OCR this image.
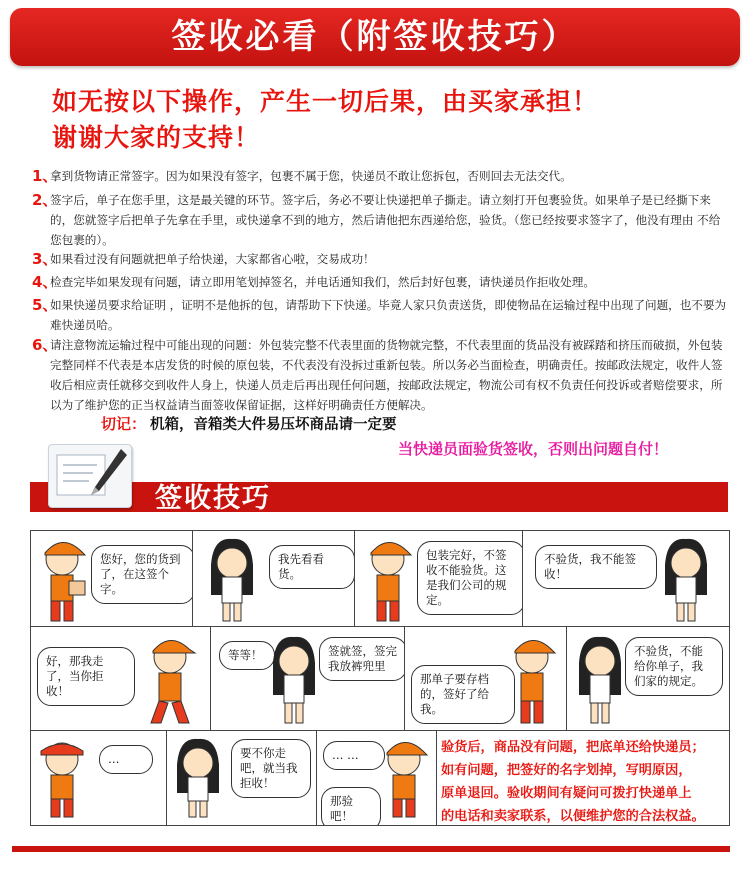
签收必看（附签收技巧）
如无按以下操作，产生一切后果，由买家承担！
谢谢大家的支持！
1、
拿到货物请正常签字。因为如果没有签字，包裹不属于您，快递员不敢让您拆包，否则回去无法交代。
2、
签字后，单子在您手里，这是最关键的环节。签字后，务必不要让快递把单子撕走。请立刻打开包裹验货。如果单子是已经撕下来的，您就签字后把单子先拿在手里，或快递拿不到的地方，然后请他把东西递给您，验货。（您已经按要求签字了，他没有理由 不给您包裹的）。
3、
如果看过没有问题就把单子给快递，大家都省心啦，交易成功！
4、
检查完毕如果发现有问题，请立即用笔划掉签名，并电话通知我们，然后封好包裹，请快递员作拒收处理。
5、
如果快递员要求给证明 ，证明不是他拆的包，请帮助下下快递。毕竟人家只负责送货，即使物品在运输过程中出现了问题，也不要为难快递员哈。
6、
请注意物流运输过程中可能出现的问题：外包装完整不代表里面的货物就完整，不代表里面的货品没有被踩踏和挤压而破损，外包装完整同样不代表是本店发货的时候的原包装，不代表没有没拆过重新包装。所以务必当面检查，明确责任。按邮政法规定，收件人签收后相应责任就移交到收件人身上，快递人员走后再出现任何问题，按邮政法规定，物流公司有权不负责任何投诉或者赔偿要求，所以为了维护您的正当权益请当面签收保留证据，这样好明确责任方便解决。
切记： 机箱，音箱类大件易压坏商品请一定要
当快递员面验货签收，否则出问题自付！
签收技巧
您好，您的货到了，在这签个字。
我先看看货。
包装完好，不签收不能验货。这是我们公司的规定。
不验货，我不能签收！
好，那我走了，当你拒收！
等等！	签就签，签完我放裤兜里
那单子要存档的，签好了给我。
不验货，不能给你单子，我们家的规定。
…	要不你走吧，就当我拒收！
… …
那验吧！
验货后，商品没有问题，把底单还给快递员；
如有问题，把签好的名字划掉，写明原因，
原单退回。验收期间有疑问可拨打快递单上
的电话和卖家联系，以便维护您的合法权益。
